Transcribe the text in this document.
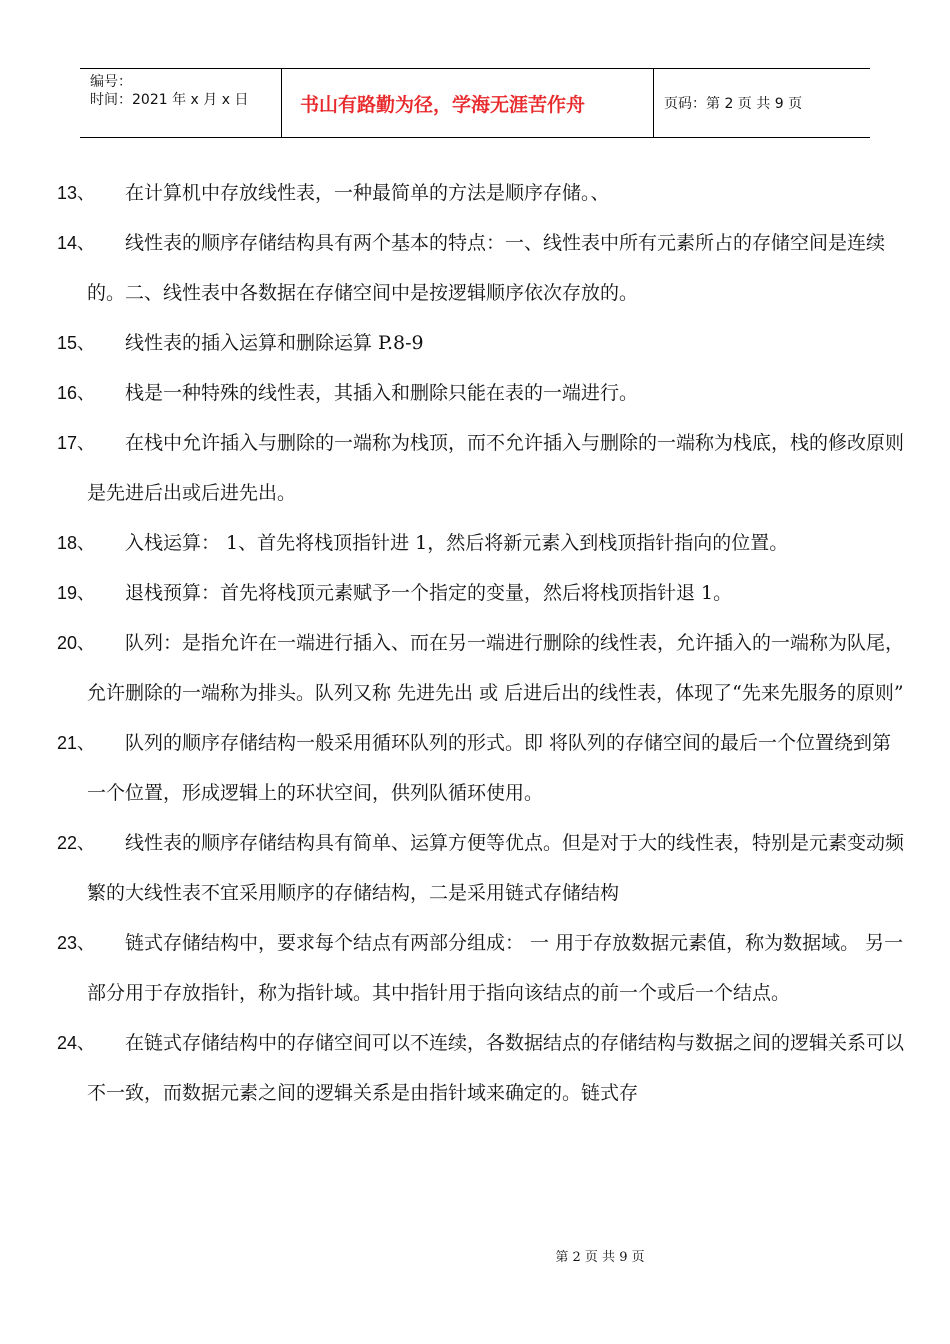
编号：
时间：2021 年 x 月 x 日	书山有路勤为径，学海无涯苦作舟	页码：第 2 页 共 9 页
13、	在计算机中存放线性表，一种最简单的方法是顺序存储。、
14、	线性表的顺序存储结构具有两个基本的特点：一、线性表中所有元素所占的存储空间是连续的。二、线性表中各数据在存储空间中是按逻辑顺序依次存放的。
15、	线性表的插入运算和删除运算 P.8-9
16、	栈是一种特殊的线性表，其插入和删除只能在表的一端进行。
17、	在栈中允许插入与删除的一端称为栈顶，而不允许插入与删除的一端称为栈底，栈的修改原则是先进后出或后进先出。
18、	入栈运算： 1、首先将栈顶指针进 1，然后将新元素入到栈顶指针指向的位置。
19、	退栈预算：首先将栈顶元素赋予一个指定的变量，然后将栈顶指针退 1。
20、	队列：是指允许在一端进行插入、而在另一端进行删除的线性表，允许插入的一端称为队尾，允许删除的一端称为排头。队列又称 先进先出 或 后进后出的线性表，体现了“先来先服务的原则”
21、	队列的顺序存储结构一般采用循环队列的形式。即 将队列的存储空间的最后一个位置绕到第一个位置，形成逻辑上的环状空间，供列队循环使用。
22、	线性表的顺序存储结构具有简单、运算方便等优点。但是对于大的线性表，特别是元素变动频繁的大线性表不宜采用顺序的存储结构，二是采用链式存储结构
23、	链式存储结构中，要求每个结点有两部分组成： 一 用于存放数据元素值，称为数据域。 另一部分用于存放指针，称为指针域。其中指针用于指向该结点的前一个或后一个结点。
24、	在链式存储结构中的存储空间可以不连续，各数据结点的存储结构与数据之间的逻辑关系可以不一致，而数据元素之间的逻辑关系是由指针域来确定的。链式存
第 2 页 共 9 页
